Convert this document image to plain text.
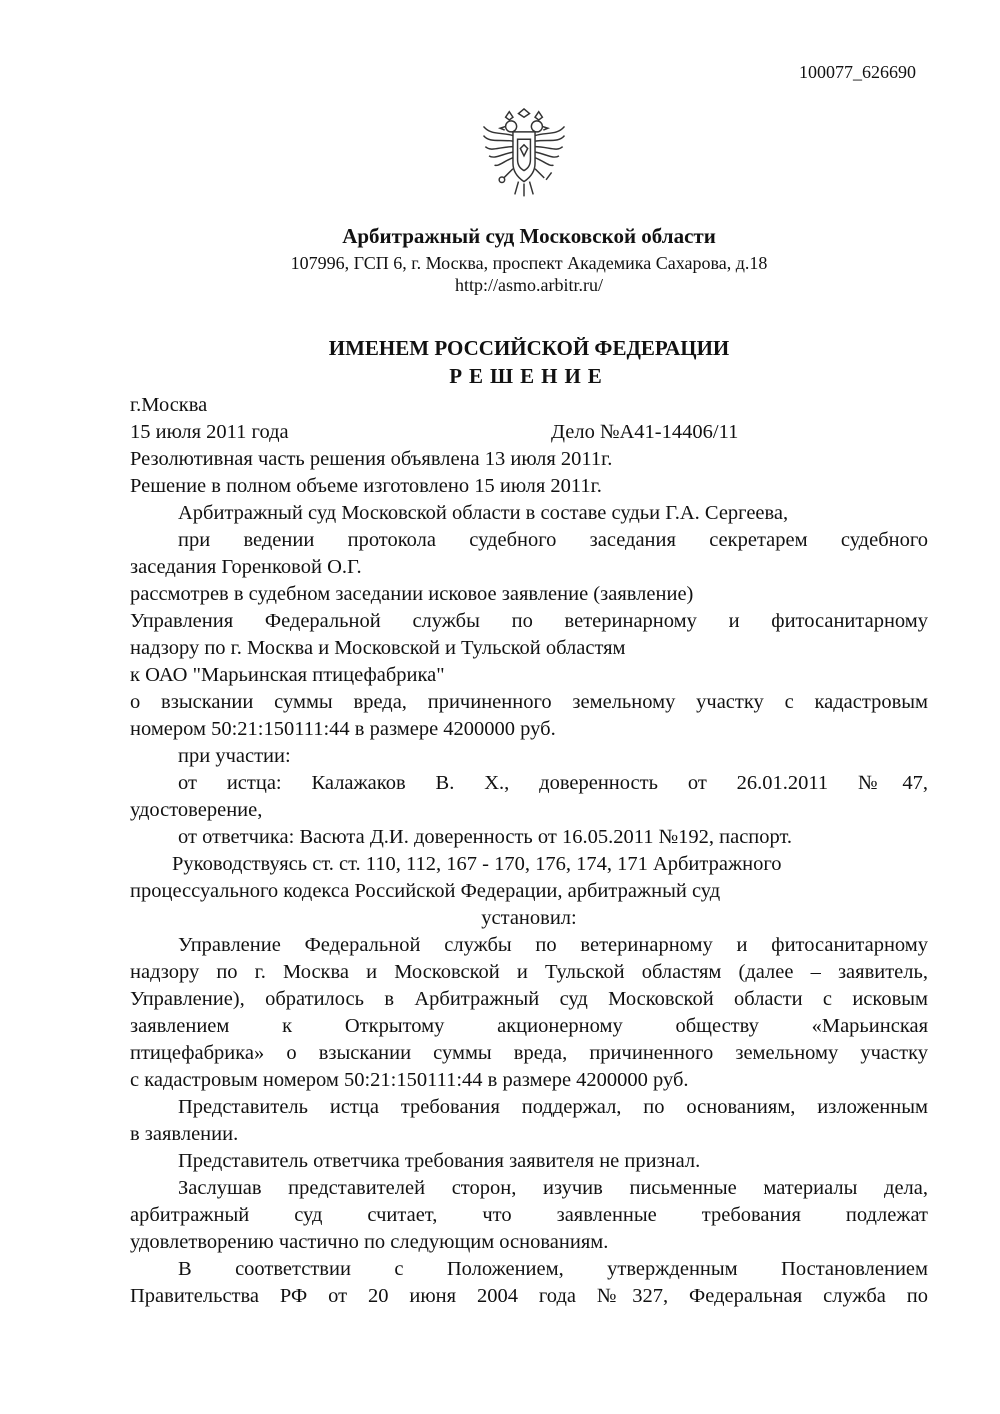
100077_626690
Арбитражный суд Московской области
107996, ГСП 6, г. Москва, проспект Академика Сахарова, д.18
http://asmo.arbitr.ru/
ИМЕНЕМ РОССИЙСКОЙ ФЕДЕРАЦИИ
РЕШЕНИЕ

г.Москва

15 июля 2011 года	Дело №А41-14406/11

Резолютивная часть решения объявлена 13 июля 2011г.

Решение в полном объеме изготовлено 15 июля 2011г.

Арбитражный суд Московской области в составе судьи Г.А. Сергеева,

при ведении протокола судебного заседания секретарем судебного

заседания Горенковой О.Г.

рассмотрев в судебном заседании исковое заявление (заявление)

Управления Федеральной службы по ветеринарному и фитосанитарному

надзору по г. Москва и Московской и Тульской областям

к ОАО "Марьинская птицефабрика"

о взыскании суммы вреда, причиненного земельному участку с кадастровым

номером 50:21:150111:44 в размере 4200000 руб.

при участии:

от истца: Калажаков В. Х., доверенность от 26.01.2011 №47,

удостоверение,

от ответчика: Васюта Д.И. доверенность от 16.05.2011 №192, паспорт.

Руководствуясь ст. ст. 110, 112, 167 - 170, 176, 174, 171 Арбитражного

процессуального кодекса Российской Федерации, арбитражный суд

установил:

Управление Федеральной службы по ветеринарному и фитосанитарному

надзору по г. Москва и Московской и Тульской областям (далее – заявитель,

Управление), обратилось в Арбитражный суд Московской области с исковым

заявлением к Открытому акционерному обществу «Марьинская

птицефабрика» о взыскании суммы вреда, причиненного земельному участку

с кадастровым номером 50:21:150111:44 в размере 4200000 руб.

Представитель истца требования поддержал, по основаниям, изложенным

в заявлении.

Представитель ответчика требования заявителя не признал.

Заслушав представителей сторон, изучив письменные материалы дела,

арбитражный суд считает, что заявленные требования подлежат

удовлетворению частично по следующим основаниям.

В соответствии с Положением, утвержденным Постановлением

Правительства РФ от 20 июня 2004 года №327, Федеральная служба по
